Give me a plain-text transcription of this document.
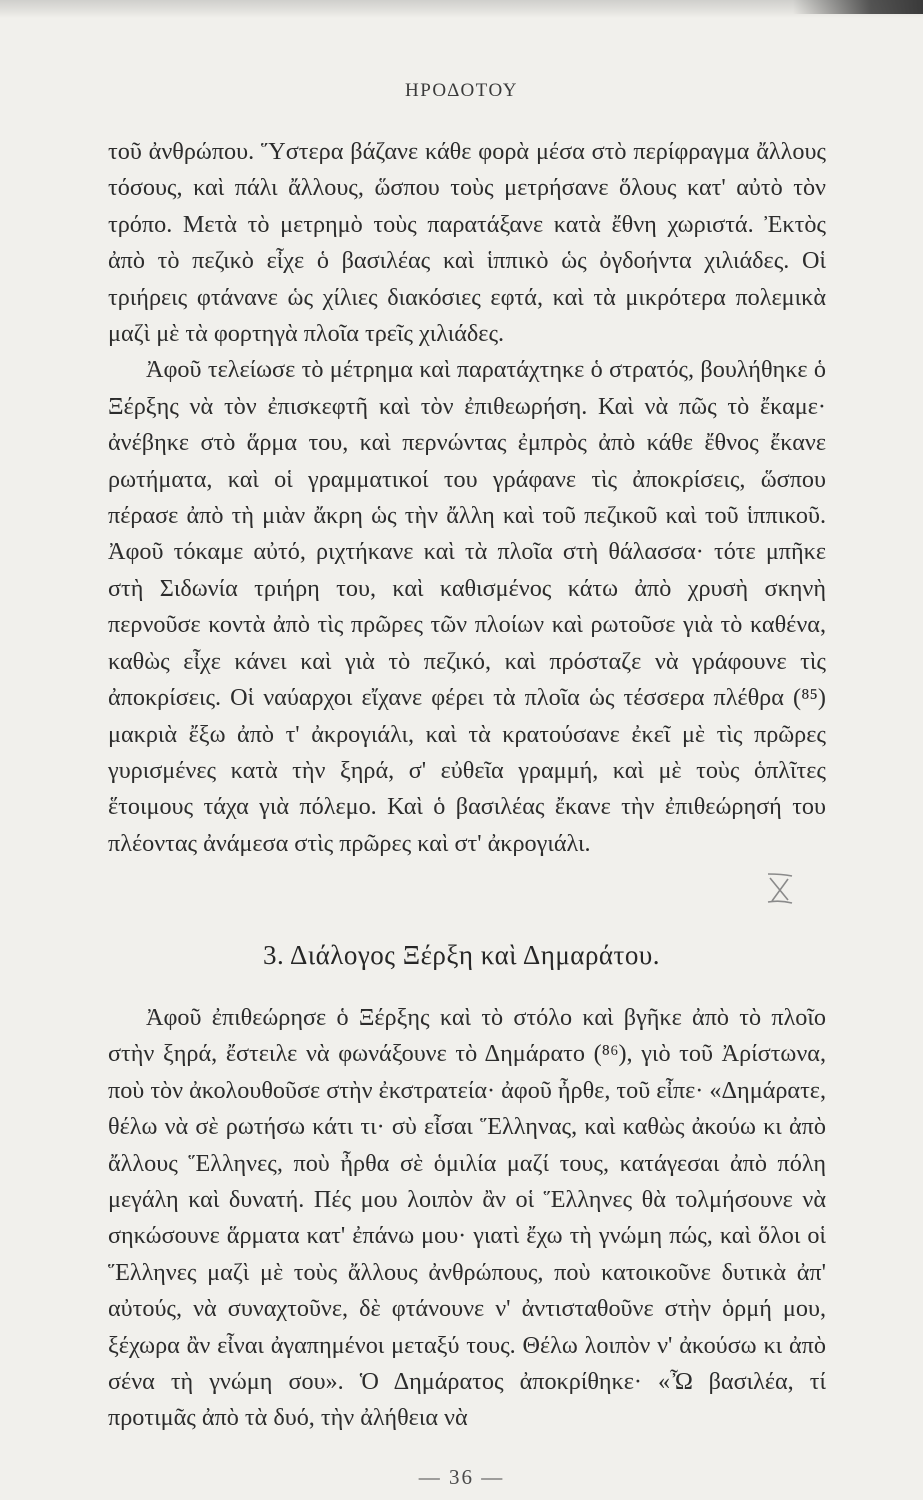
ΗΡΟΔΟΤΟΥ

τοῦ ἀνθρώπου. Ὕστερα βάζανε κάθε φορὰ μέσα στὸ περίφραγμα ἄλλους τόσους, καὶ πάλι ἄλλους, ὥσπου τοὺς μετρήσανε ὅλους κατ' αὐτὸ τὸν τρόπο. Μετὰ τὸ μετρημὸ τοὺς παρατάξανε κατὰ ἔθνη χωριστά. Ἐκτὸς ἀπὸ τὸ πεζικὸ εἶχε ὁ βασιλέας καὶ ἱππικὸ ὡς ὀγδοήντα χιλιάδες. Οἱ τριήρεις φτάνανε ὡς χίλιες διακόσιες εφτά, καὶ τὰ μικρότερα πολεμικὰ μαζὶ μὲ τὰ φορτηγὰ πλοῖα τρεῖς χιλιάδες.

Ἀφοῦ τελείωσε τὸ μέτρημα καὶ παρατάχτηκε ὁ στρατός, βουλήθηκε ὁ Ξέρξης νὰ τὸν ἐπισκεφτῆ καὶ τὸν ἐπιθεωρήση. Καὶ νὰ πῶς τὸ ἔκαμε· ἀνέβηκε στὸ ἅρμα του, καὶ περνώντας ἐμπρὸς ἀπὸ κάθε ἔθνος ἔκανε ρωτήματα, καὶ οἱ γραμματικοί του γράφανε τὶς ἀποκρίσεις, ὥσπου πέρασε ἀπὸ τὴ μιὰν ἄκρη ὡς τὴν ἄλλη καὶ τοῦ πεζικοῦ καὶ τοῦ ἱππικοῦ. Ἀφοῦ τόκαμε αὐτό, ριχτήκανε καὶ τὰ πλοῖα στὴ θάλασσα· τότε μπῆκε στὴ Σιδωνία τριήρη του, καὶ καθισμένος κάτω ἀπὸ χρυσὴ σκηνὴ περνοῦσε κοντὰ ἀπὸ τὶς πρῶρες τῶν πλοίων καὶ ρωτοῦσε γιὰ τὸ καθένα, καθὼς εἶχε κάνει καὶ γιὰ τὸ πεζικό, καὶ πρόσταζε νὰ γράφουνε τὶς ἀποκρίσεις. Οἱ ναύαρχοι εἴχανε φέρει τὰ πλοῖα ὡς τέσσερα πλέθρα (⁸⁵) μακριὰ ἔξω ἀπὸ τ' ἀκρογιάλι, καὶ τὰ κρατούσανε ἐκεῖ μὲ τὶς πρῶρες γυρισμένες κατὰ τὴν ξηρά, σ' εὐθεῖα γραμμή, καὶ μὲ τοὺς ὁπλῖτες ἕτοιμους τάχα γιὰ πόλεμο. Καὶ ὁ βασιλέας ἔκανε τὴν ἐπιθεώρησή του πλέοντας ἀνάμεσα στὶς πρῶρες καὶ στ' ἀκρογιάλι.

3. Διάλογος Ξέρξη καὶ Δημαράτου.

Ἀφοῦ ἐπιθεώρησε ὁ Ξέρξης καὶ τὸ στόλο καὶ βγῆκε ἀπὸ τὸ πλοῖο στὴν ξηρά, ἔστειλε νὰ φωνάξουνε τὸ Δημάρατο (⁸⁶), γιὸ τοῦ Ἀρίστωνα, ποὺ τὸν ἀκολουθοῦσε στὴν ἐκστρατεία· ἀφοῦ ἦρθε, τοῦ εἶπε· «Δημάρατε, θέλω νὰ σὲ ρωτήσω κάτι τι· σὺ εἶσαι Ἕλληνας, καὶ καθὼς ἀκούω κι ἀπὸ ἄλλους Ἕλληνες, ποὺ ἦρθα σὲ ὁμιλία μαζί τους, κατάγεσαι ἀπὸ πόλη μεγάλη καὶ δυνατή. Πές μου λοιπὸν ἂν οἱ Ἕλληνες θὰ τολμήσουνε νὰ σηκώσουνε ἅρματα κατ' ἐπάνω μου· γιατὶ ἔχω τὴ γνώμη πώς, καὶ ὅλοι οἱ Ἕλληνες μαζὶ μὲ τοὺς ἄλλους ἀνθρώπους, ποὺ κατοικοῦνε δυτικὰ ἀπ' αὐτούς, νὰ συναχτοῦνε, δὲ φτάνουνε ν' ἀντισταθοῦνε στὴν ὁρμή μου, ξέχωρα ἂν εἶναι ἀγαπημένοι μεταξύ τους. Θέλω λοιπὸν ν' ἀκούσω κι ἀπὸ σένα τὴ γνώμη σου». Ὁ Δημάρατος ἀποκρίθηκε· «Ὦ βασιλέα, τί προτιμᾶς ἀπὸ τὰ δυό, τὴν ἀλήθεια νὰ

— 36 —
